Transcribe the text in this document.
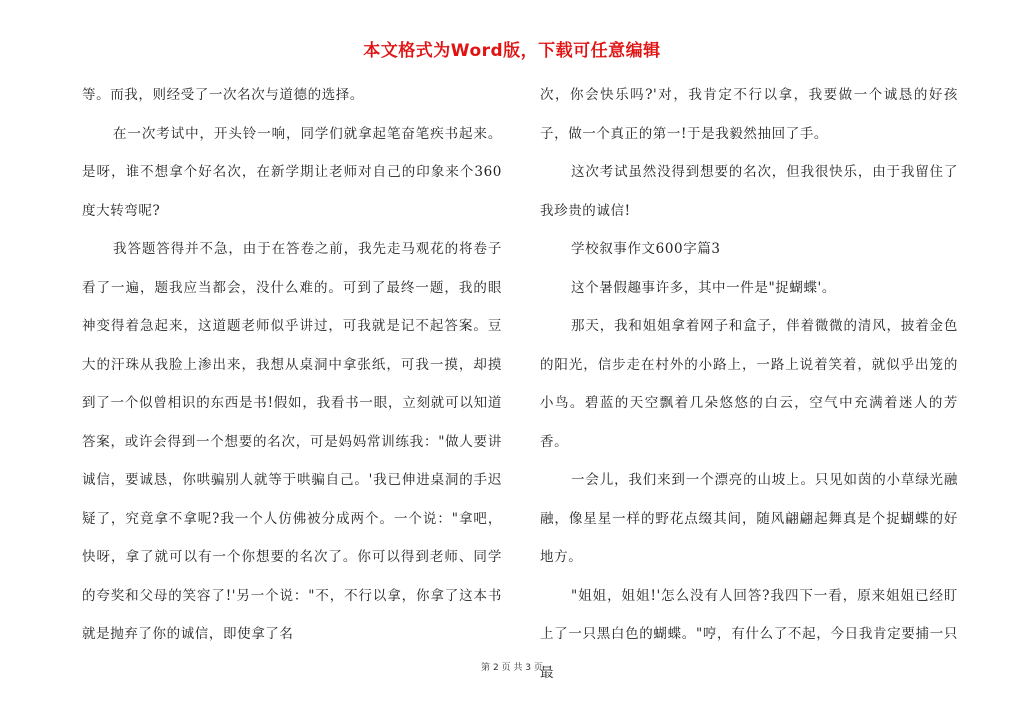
本文格式为Word版，下载可任意编辑

等。而我，则经受了一次名次与道德的选择。

在一次考试中，开头铃一响，同学们就拿起笔奋笔疾书起来。是呀，谁不想拿个好名次，在新学期让老师对自己的印象来个360度大转弯呢?

我答题答得并不急，由于在答卷之前，我先走马观花的将卷子看了一遍，题我应当都会，没什么难的。可到了最终一题，我的眼神变得着急起来，这道题老师似乎讲过，可我就是记不起答案。豆大的汗珠从我脸上渗出来，我想从桌洞中拿张纸，可我一摸，却摸到了一个似曾相识的东西是书!假如，我看书一眼，立刻就可以知道答案，或许会得到一个想要的名次，可是妈妈常训练我："做人要讲诚信，要诚恳，你哄骗别人就等于哄骗自己。'我已伸进桌洞的手迟疑了，究竟拿不拿呢?我一个人仿佛被分成两个。一个说："拿吧，快呀，拿了就可以有一个你想要的名次了。你可以得到老师、同学的夸奖和父母的笑容了!'另一个说："不，不行以拿，你拿了这本书就是抛弃了你的诚信，即使拿了名

次，你会快乐吗?'对，我肯定不行以拿，我要做一个诚恳的好孩子，做一个真正的第一!于是我毅然抽回了手。

这次考试虽然没得到想要的名次，但我很快乐，由于我留住了我珍贵的诚信!

学校叙事作文600字篇3

这个暑假趣事许多，其中一件是"捉蝴蝶'。

那天，我和姐姐拿着网子和盒子，伴着微微的清风，披着金色的阳光，信步走在村外的小路上，一路上说着笑着，就似乎出笼的小鸟。碧蓝的天空飘着几朵悠悠的白云，空气中充满着迷人的芳香。

一会儿，我们来到一个漂亮的山坡上。只见如茵的小草绿光融融，像星星一样的野花点缀其间，随风翩翩起舞真是个捉蝴蝶的好地方。

"姐姐，姐姐!'怎么没有人回答?我四下一看，原来姐姐已经盯上了一只黑白色的蝴蝶。"哼，有什么了不起，今日我肯定要捕一只最

第 2 页 共 3 页
